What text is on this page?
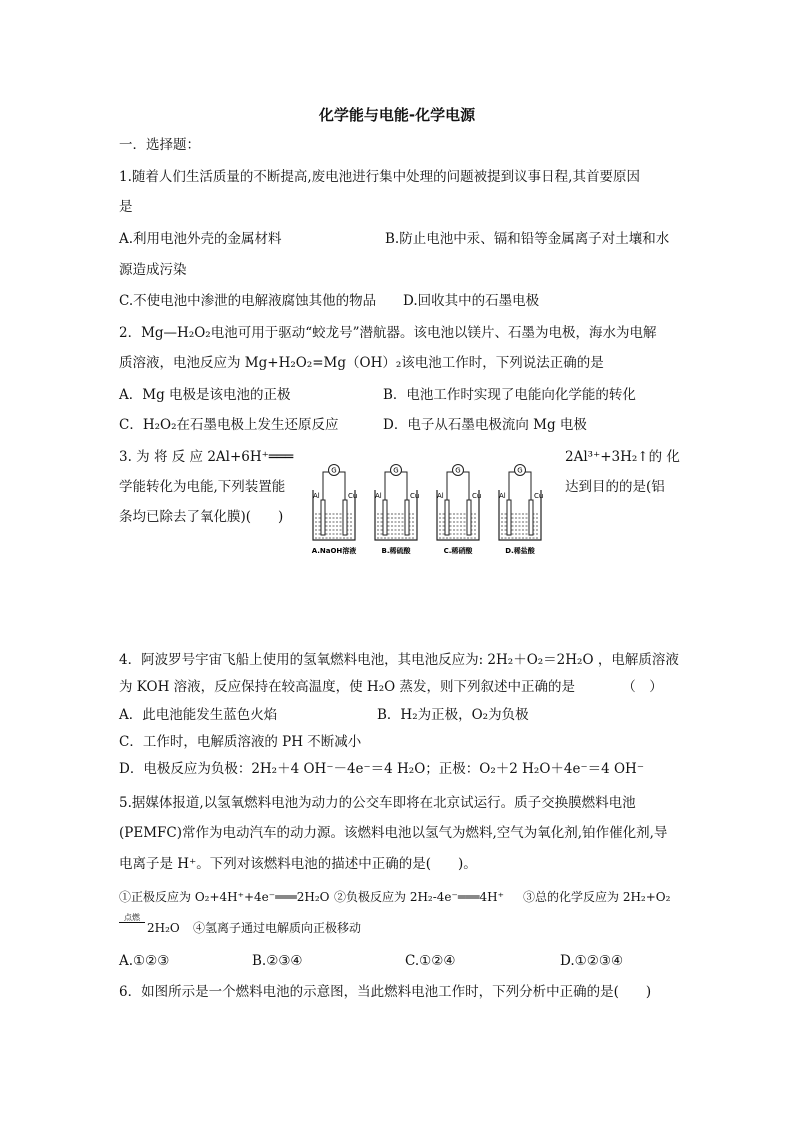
化学能与电能-化学电源
一．选择题：
1.随着人们生活质量的不断提高,废电池进行集中处理的问题被提到议事日程,其首要原因
是
A.利用电池外壳的金属材料	B.防止电池中汞、镉和铅等金属离子对土壤和水
源造成污染
C.不使电池中渗泄的电解液腐蚀其他的物品 D.回收其中的石墨电极
2．Mg—H₂O₂电池可用于驱动“蛟龙号”潜航器。该电池以镁片、石墨为电极，海水为电解
质溶液，电池反应为 Mg+H₂O₂=Mg（OH）₂该电池工作时，下列说法正确的是
A．Mg 电极是该电池的正极	B．电池工作时实现了电能向化学能的转化
C．H₂O₂在石墨电极上发生还原反应	D．电子从石墨电极流向 Mg 电极
3. 为 将 反 应 2Al+6H⁺═══	2Al³⁺+3H₂↑的 化
学能转化为电能,下列装置能	达到目的的是(铝
条均已除去了氧化膜)(　　)
G
Al	Cu
A.NaOH溶液
G
Al	Cu
B.稀硫酸
G
Al	Cu
C.稀硝酸
G
Al	Cu
D.稀盐酸
4．阿波罗号宇宙飞船上使用的氢氧燃料电池，其电池反应为: 2H₂＋O₂＝2H₂O ，电解质溶液
为 KOH 溶液，反应保持在较高温度，使 H₂O 蒸发，则下列叙述中正确的是　　　　（　）
A．此电池能发生蓝色火焰	B．H₂为正极，O₂为负极
C．工作时，电解质溶液的 PH 不断减小
D．电极反应为负极：2H₂＋4 OH⁻－4e⁻＝4 H₂O；正极：O₂＋2 H₂O＋4e⁻＝4 OH⁻
5.据媒体报道,以氢氧燃料电池为动力的公交车即将在北京试运行。质子交换膜燃料电池
(PEMFC)常作为电动汽车的动力源。该燃料电池以氢气为燃料,空气为氧化剂,铂作催化剂,导
电离子是 H⁺。下列对该燃料电池的描述中正确的是(　　)。
①正极反应为 O₂+4H⁺+4e⁻═══2H₂O ②负极反应为 2H₂-4e⁻═══4H⁺ ③总的化学反应为 2H₂+O₂
点燃
2H₂O ④氢离子通过电解质向正极移动
A.①②③	B.②③④	C.①②④	D.①②③④
6．如图所示是一个燃料电池的示意图，当此燃料电池工作时，下列分析中正确的是(　　)
